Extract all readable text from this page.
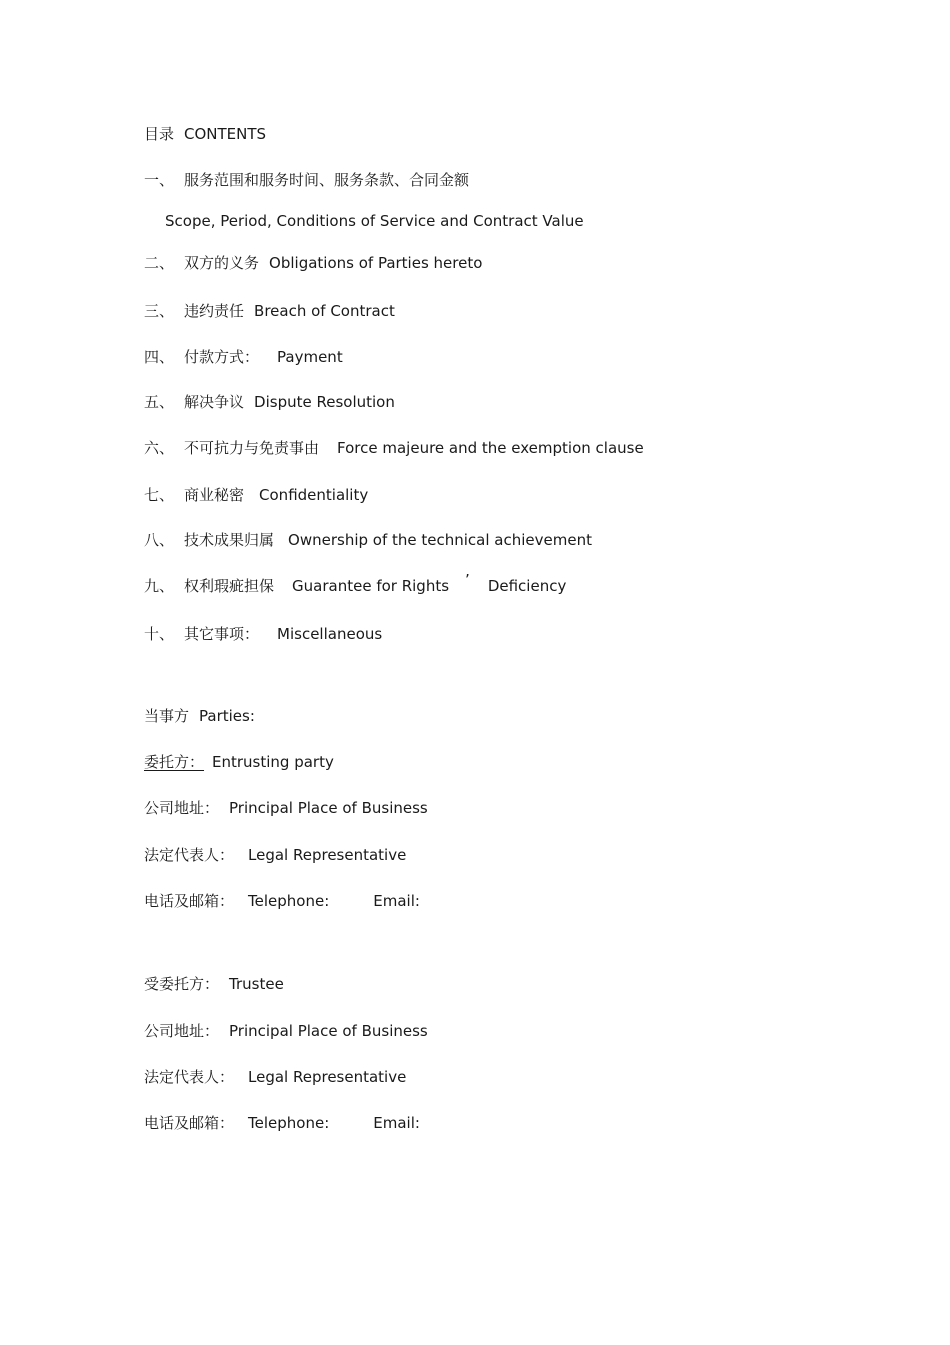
目录 CONTENTS
一、 服务范围和服务时间、服务条款、合同金额
Scope, Period, Conditions of Service and Contract Value
二、 双方的义务 Obligations of Parties hereto
三、 违约责任 Breach of Contract
四、 付款方式： Payment
五、 解决争议 Dispute Resolution
六、 不可抗力与免责事由 Force majeure and the exemption clause
七、 商业秘密 Confidentiality
八、 技术成果归属 Ownership of the technical achievement
九、 权利瑕疵担保 Guarantee for Rights ’ Deficiency
十、 其它事项： Miscellaneous
当事方 Parties:
委托方： Entrusting party
公司地址： Principal Place of Business
法定代表人： Legal Representative
电话及邮箱： Telephone:	Email:
受委托方： Trustee
公司地址： Principal Place of Business
法定代表人： Legal Representative
电话及邮箱： Telephone:	Email:
